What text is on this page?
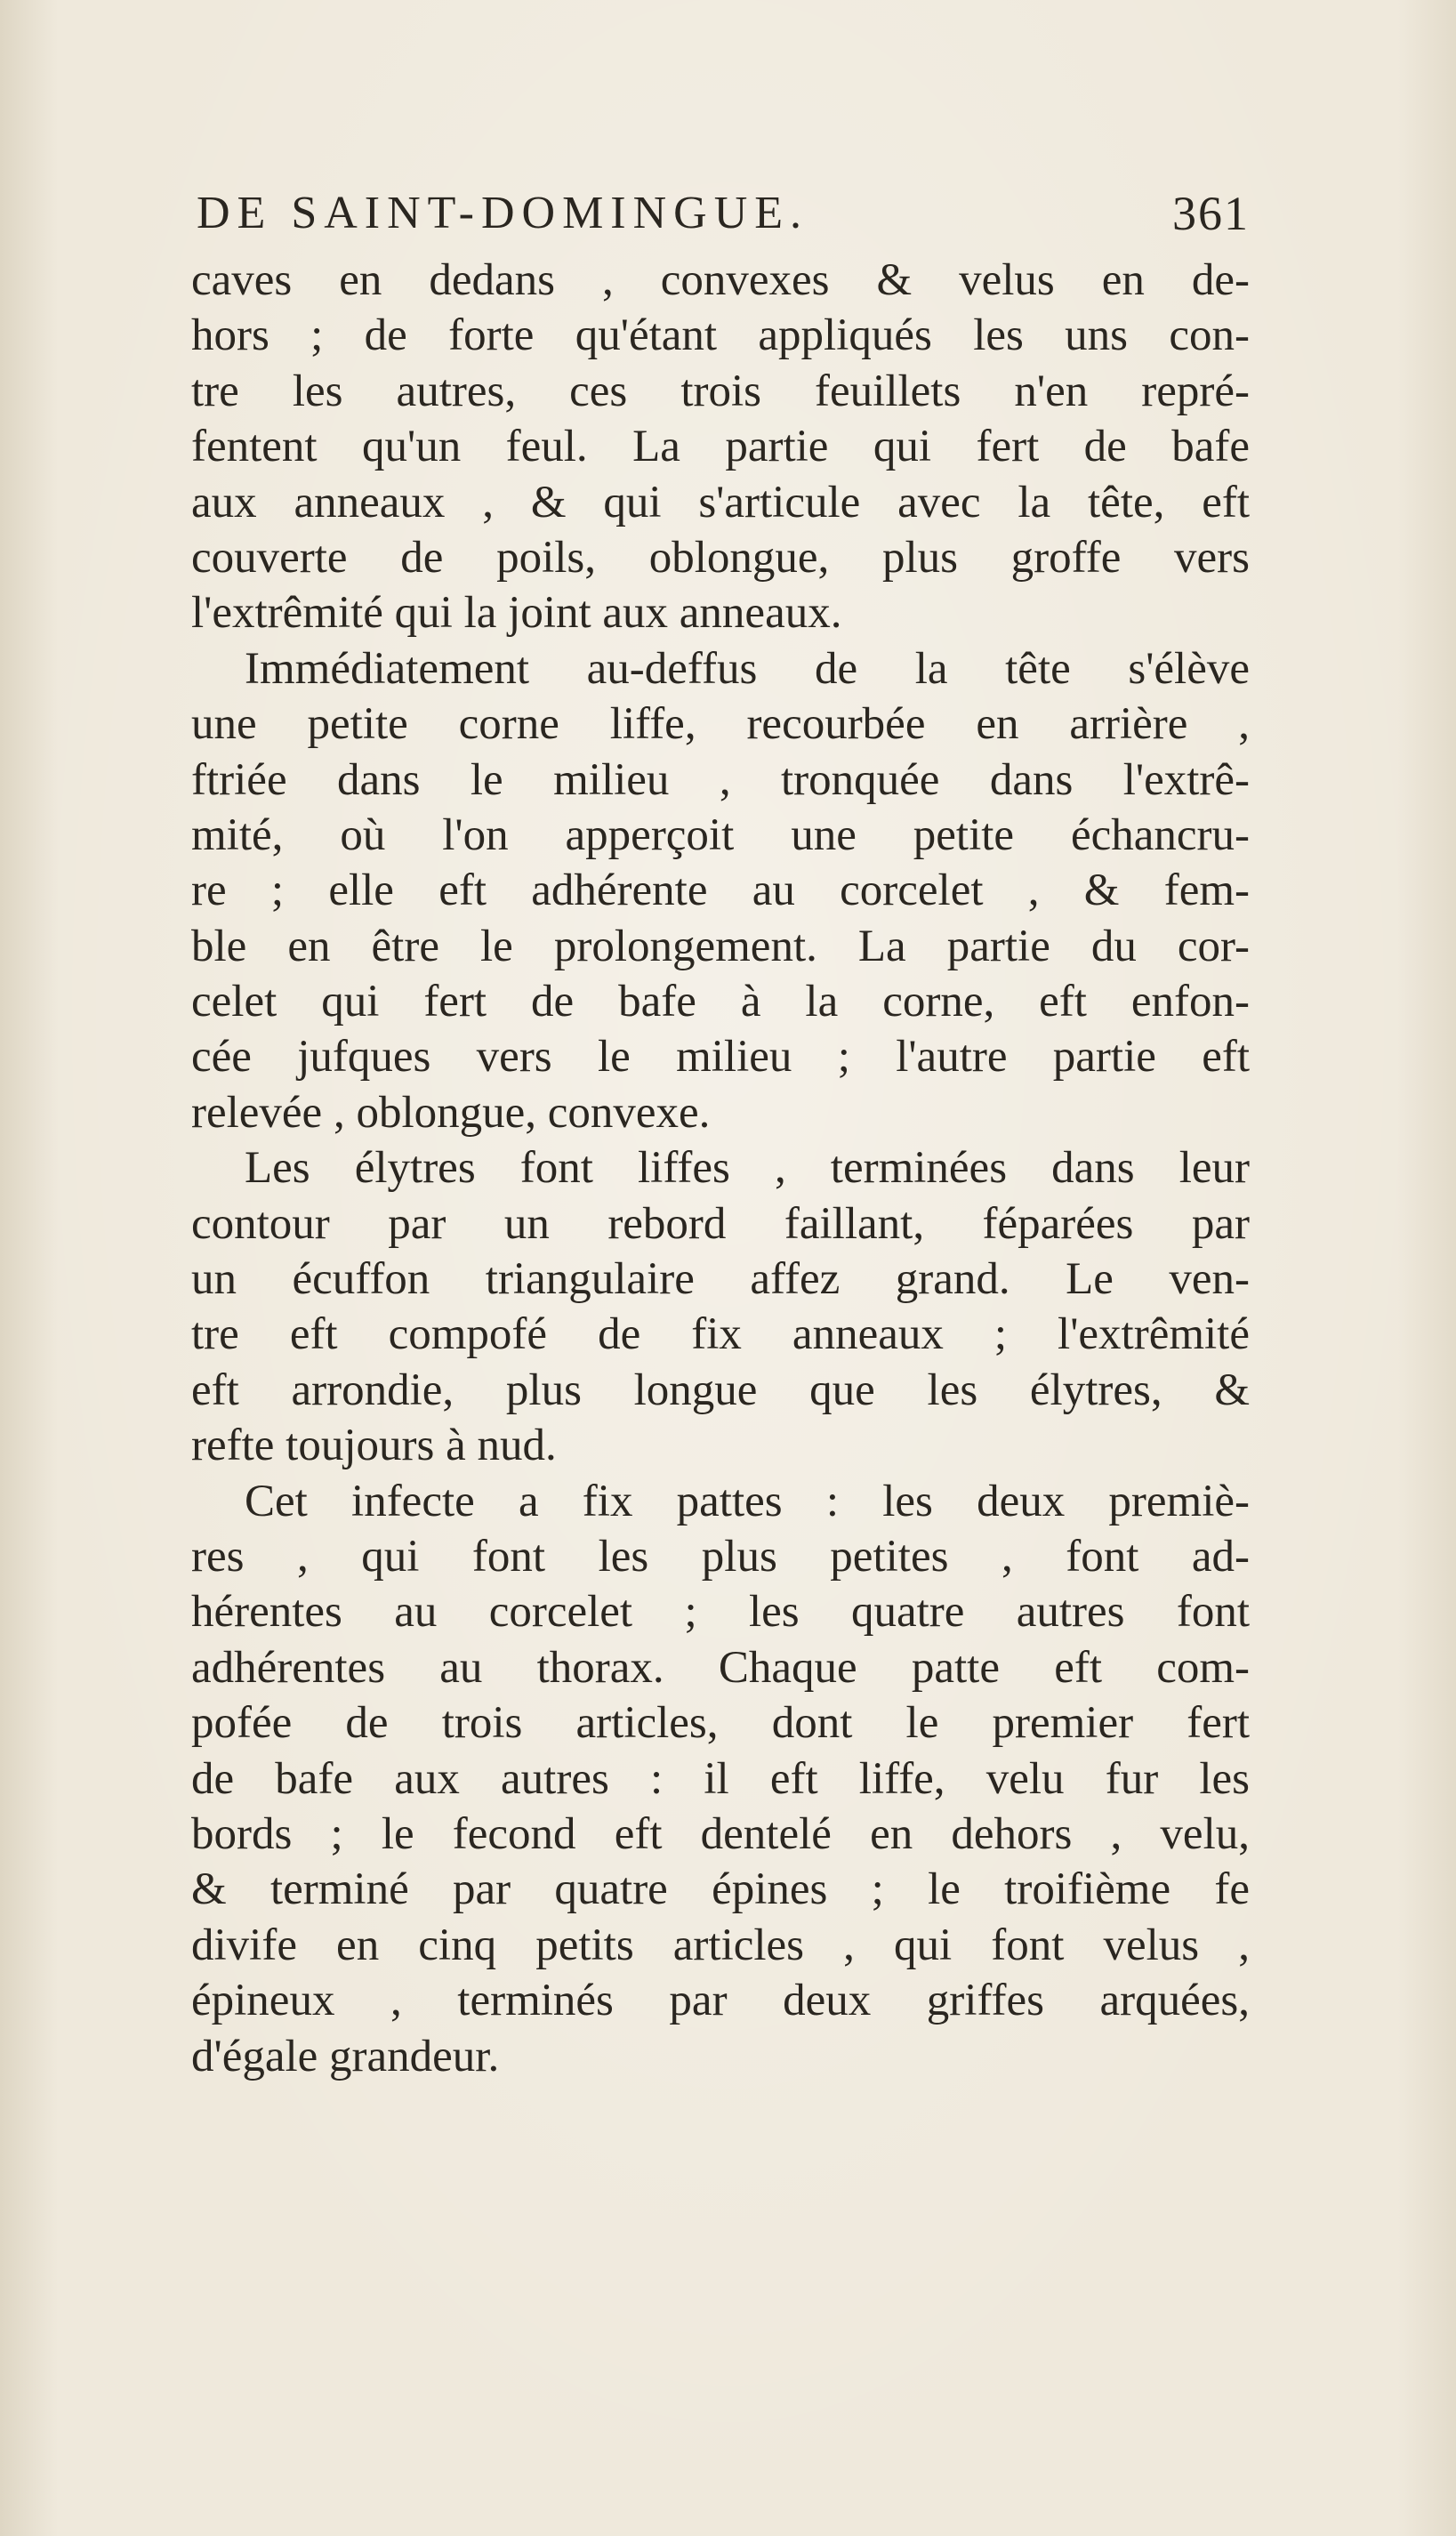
DE SAINT-DOMINGUE.	361
caves en dedans , convexes & velus en de-
hors ; de forte qu'étant appliqués les uns con-
tre les autres, ces trois feuillets n'en repré-
fentent qu'un feul. La partie qui fert de bafe
aux anneaux , & qui s'articule avec la tête, eft
couverte de poils, oblongue, plus groffe vers
l'extrêmité qui la joint aux anneaux.
Immédiatement au-deffus de la tête s'élève
une petite corne liffe, recourbée en arrière ,
ftriée dans le milieu , tronquée dans l'extrê-
mité, où l'on apperçoit une petite échancru-
re ; elle eft adhérente au corcelet , & fem-
ble en être le prolongement. La partie du cor-
celet qui fert de bafe à la corne, eft enfon-
cée jufques vers le milieu ; l'autre partie eft
relevée , oblongue, convexe.
Les élytres font liffes , terminées dans leur
contour par un rebord faillant, féparées par
un écuffon triangulaire affez grand. Le ven-
tre eft compofé de fix anneaux ; l'extrêmité
eft arrondie, plus longue que les élytres, &
refte toujours à nud.
Cet infecte a fix pattes : les deux premiè-
res , qui font les plus petites , font ad-
hérentes au corcelet ; les quatre autres font
adhérentes au thorax. Chaque patte eft com-
pofée de trois articles, dont le premier fert
de bafe aux autres : il eft liffe, velu fur les
bords ; le fecond eft dentelé en dehors , velu,
& terminé par quatre épines ; le troifième fe
divife en cinq petits articles , qui font velus ,
épineux , terminés par deux griffes arquées,
d'égale grandeur.
